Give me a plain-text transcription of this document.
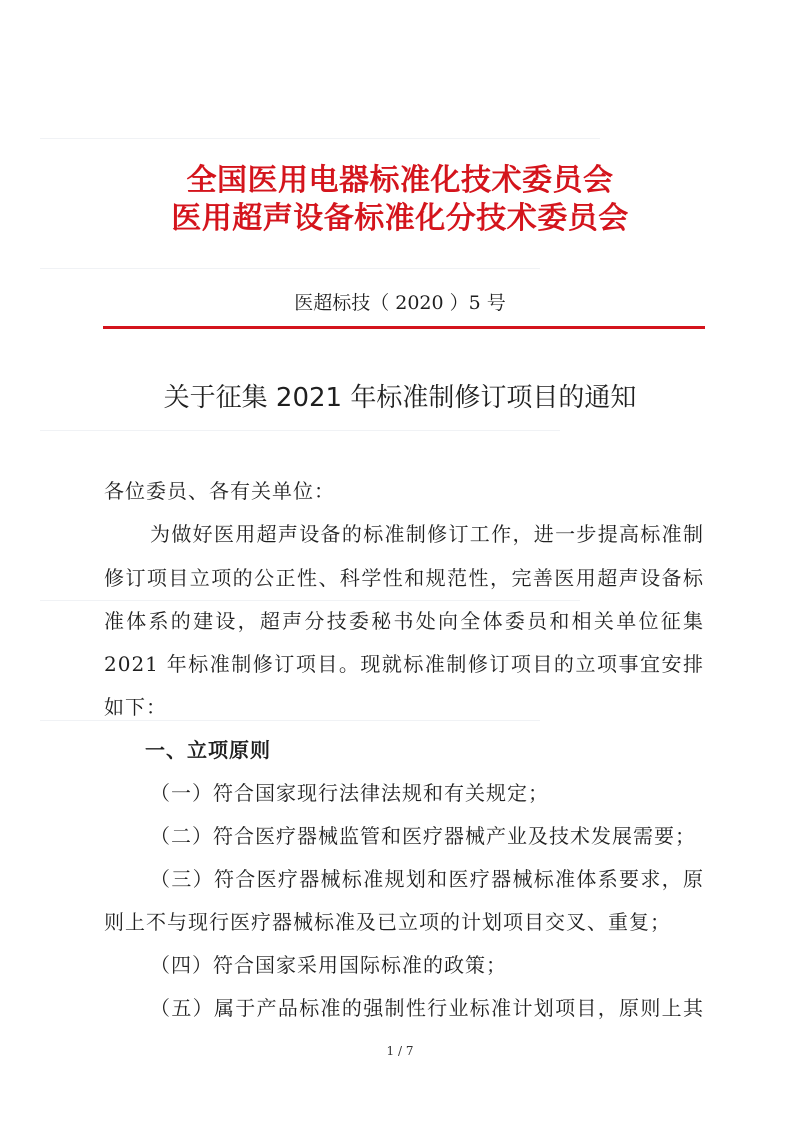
全国医用电器标准化技术委员会
医用超声设备标准化分技术委员会
医超标技（ 2020 ）5 号
关于征集 2021 年标准制修订项目的通知
各位委员、各有关单位：
为做好医用超声设备的标准制修订工作，进一步提高标准制
修订项目立项的公正性、科学性和规范性，完善医用超声设备标
准体系的建设，超声分技委秘书处向全体委员和相关单位征集
2021 年标准制修订项目。现就标准制修订项目的立项事宜安排
如下：
一、立项原则
（一）符合国家现行法律法规和有关规定；
（二）符合医疗器械监管和医疗器械产业及技术发展需要；
（三）符合医疗器械标准规划和医疗器械标准体系要求，原
则上不与现行医疗器械标准及已立项的计划项目交叉、重复；
（四）符合国家采用国际标准的政策；
（五）属于产品标准的强制性行业标准计划项目，原则上其
1 / 7
